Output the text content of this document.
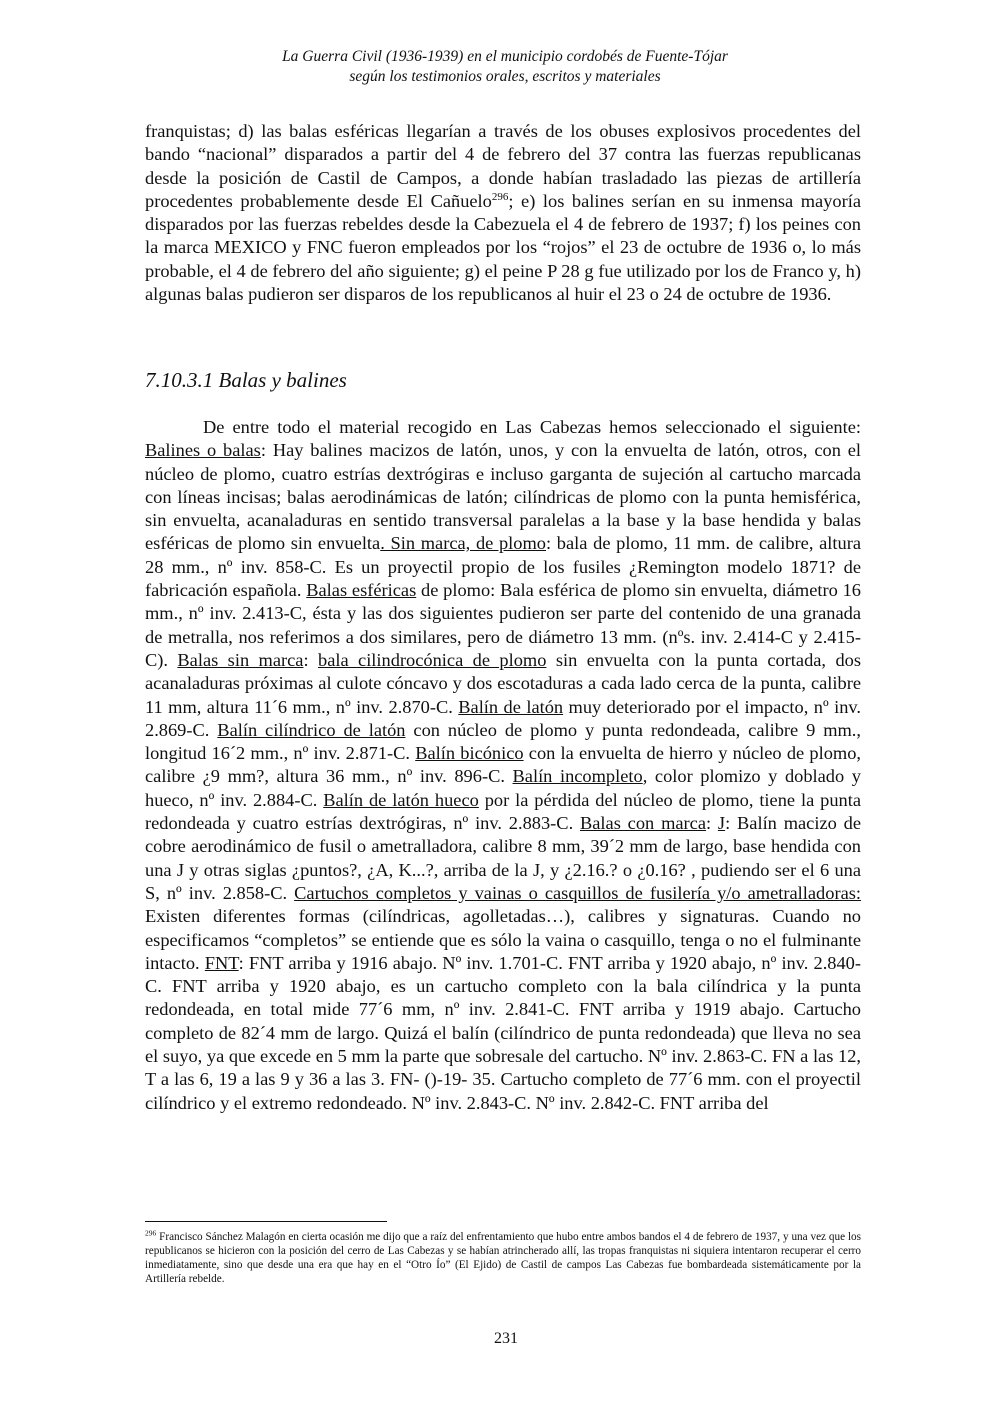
La Guerra Civil (1936-1939) en el municipio cordobés de Fuente-Tójar
según los testimonios orales, escritos y materiales
franquistas; d) las balas esféricas llegarían a través de los obuses explosivos procedentes del bando “nacional” disparados a partir del 4 de febrero del 37 contra las fuerzas republicanas desde la posición de Castil de Campos, a donde habían trasladado las piezas de artillería procedentes probablemente desde El Cañuelo$^{296}$; e) los balines serían en su inmensa mayoría disparados por las fuerzas rebeldes desde la Cabezuela el 4 de febrero de 1937; f) los peines con la marca MEXICO y FNC fueron empleados por los “rojos” el 23 de octubre de 1936 o, lo más probable, el 4 de febrero del año siguiente; g) el peine P 28 g fue utilizado por los de Franco y, h) algunas balas pudieron ser disparos de los republicanos al huir el 23 o 24 de octubre de 1936.
7.10.3.1 Balas y balines
De entre todo el material recogido en Las Cabezas hemos seleccionado el siguiente: Balines o balas: Hay balines macizos de latón, unos, y con la envuelta de latón, otros, con el núcleo de plomo, cuatro estrías dextrógiras e incluso garganta de sujeción al cartucho marcada con líneas incisas; balas aerodinámicas de latón; cilíndricas de plomo con la punta hemisférica, sin envuelta, acanaladuras en sentido transversal paralelas a la base y la base hendida y balas esféricas de plomo sin envuelta. Sin marca, de plomo: bala de plomo, 11 mm. de calibre, altura 28 mm., nº inv. 858-C. Es un proyectil propio de los fusiles ¿Remington modelo 1871? de fabricación española. Balas esféricas de plomo: Bala esférica de plomo sin envuelta, diámetro 16 mm., nº inv. 2.413-C, ésta y las dos siguientes pudieron ser parte del contenido de una granada de metralla, nos referimos a dos similares, pero de diámetro 13 mm. (nºs. inv. 2.414-C y 2.415-C). Balas sin marca: bala cilindrocónica de plomo sin envuelta con la punta cortada, dos acanaladuras próximas al culote cóncavo y dos escotaduras a cada lado cerca de la punta, calibre 11 mm, altura 11´6 mm., nº inv. 2.870-C. Balín de latón muy deteriorado por el impacto, nº inv. 2.869-C. Balín cilíndrico de latón con núcleo de plomo y punta redondeada, calibre 9 mm., longitud 16´2 mm., nº inv. 2.871-C. Balín bicónico con la envuelta de hierro y núcleo de plomo, calibre ¿9 mm?, altura 36 mm., nº inv. 896-C. Balín incompleto, color plomizo y doblado y hueco, nº inv. 2.884-C. Balín de latón hueco por la pérdida del núcleo de plomo, tiene la punta redondeada y cuatro estrías dextrógiras, nº inv. 2.883-C. Balas con marca: J: Balín macizo de cobre aerodinámico de fusil o ametralladora, calibre 8 mm, 39´2 mm de largo, base hendida con una J y otras siglas ¿puntos?, ¿A, K...?, arriba de la J, y ¿2.16.? o ¿0.16? , pudiendo ser el 6 una S, nº inv. 2.858-C. Cartuchos completos y vainas o casquillos de fusilería y/o ametralladoras: Existen diferentes formas (cilíndricas, agolletadas…), calibres y signaturas. Cuando no especificamos “completos” se entiende que es sólo la vaina o casquillo, tenga o no el fulminante intacto. FNT: FNT arriba y 1916 abajo. Nº inv. 1.701-C. FNT arriba y 1920 abajo, nº inv. 2.840-C. FNT arriba y 1920 abajo, es un cartucho completo con la bala cilíndrica y la punta redondeada, en total mide 77´6 mm, nº inv. 2.841-C. FNT arriba y 1919 abajo. Cartucho completo de 82´4 mm de largo. Quizá el balín (cilíndrico de punta redondeada) que lleva no sea el suyo, ya que excede en 5 mm la parte que sobresale del cartucho. Nº inv. 2.863-C. FN a las 12, T a las 6, 19 a las 9 y 36 a las 3. FN- ()-19- 35. Cartucho completo de 77´6 mm. con el proyectil cilíndrico y el extremo redondeado. Nº inv. 2.843-C. Nº inv. 2.842-C. FNT arriba del
$^{296}$ Francisco Sánchez Malagón en cierta ocasión me dijo que a raíz del enfrentamiento que hubo entre ambos bandos el 4 de febrero de 1937, y una vez que los republicanos se hicieron con la posición del cerro de Las Cabezas y se habían atrincherado allí, las tropas franquistas ni siquiera intentaron recuperar el cerro inmediatamente, sino que desde una era que hay en el “Otro Ío” (El Ejido) de Castil de campos Las Cabezas fue bombardeada sistemáticamente por la Artillería rebelde.
231
